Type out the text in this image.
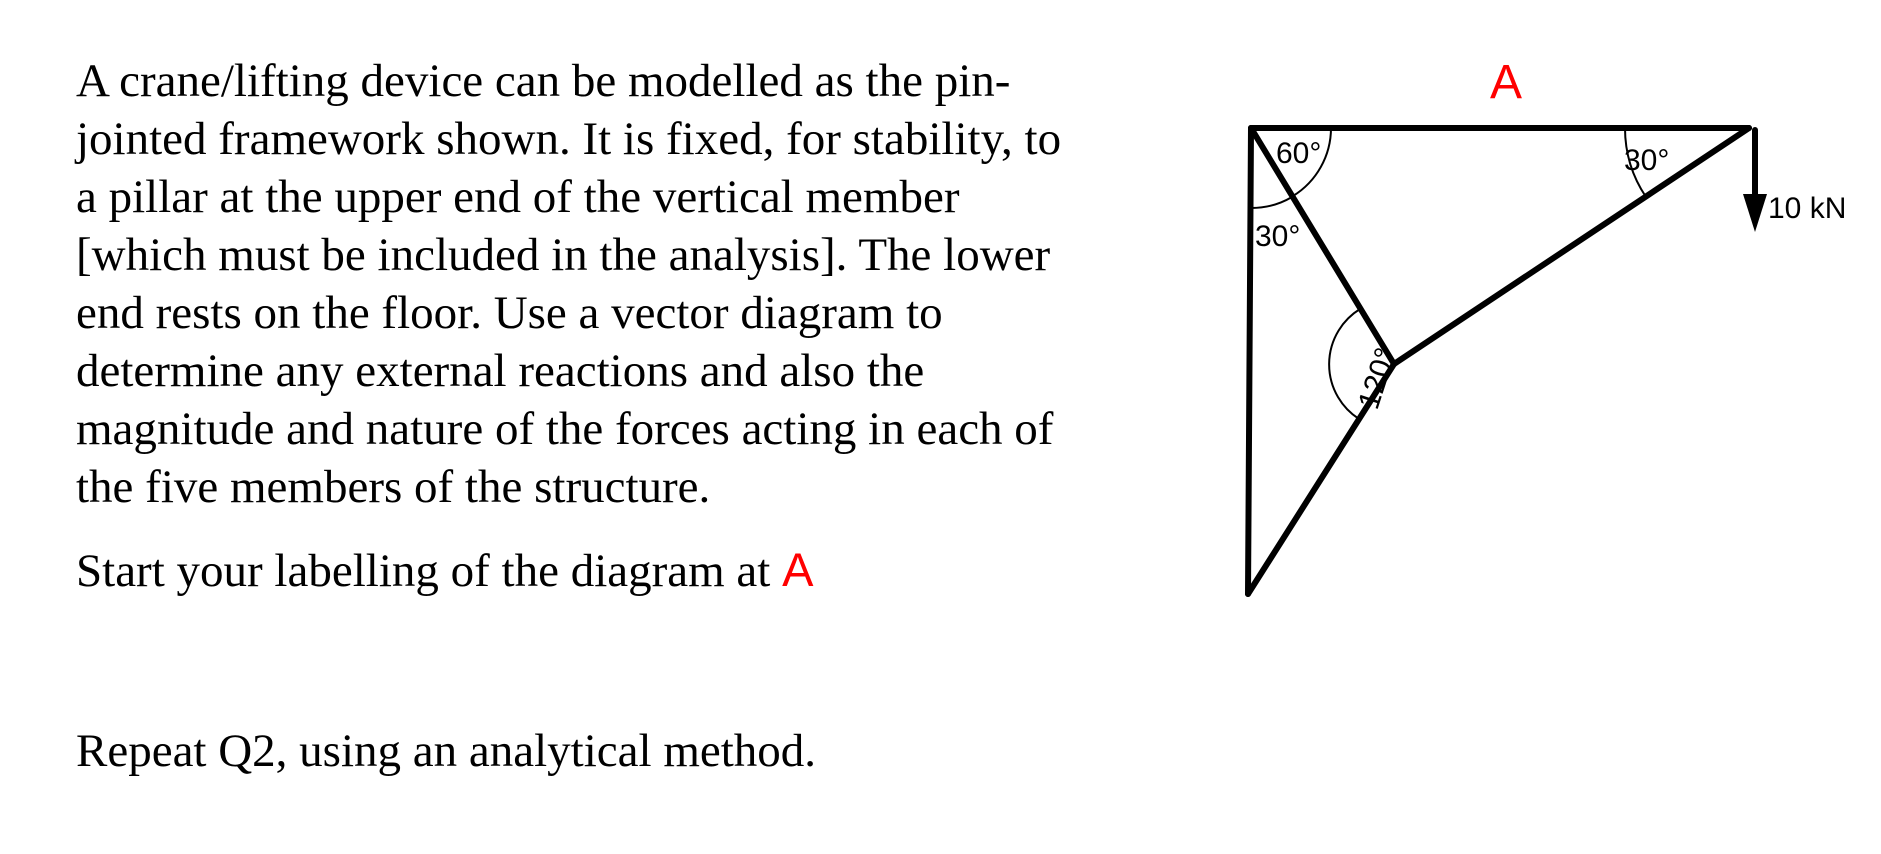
A crane/lifting device can be modelled as the pin-
jointed framework shown. It is fixed, for stability, to
a pillar at the upper end of the vertical member
[which must be included in the analysis]. The lower
end rests on the floor. Use a vector diagram to
determine any external reactions and also the
magnitude and nature of the forces acting in each of
the five members of the structure.

Start your labelling of the diagram at A

Repeat Q2, using an analytical method.

60°
30°
120°
30°
A
10 kN
